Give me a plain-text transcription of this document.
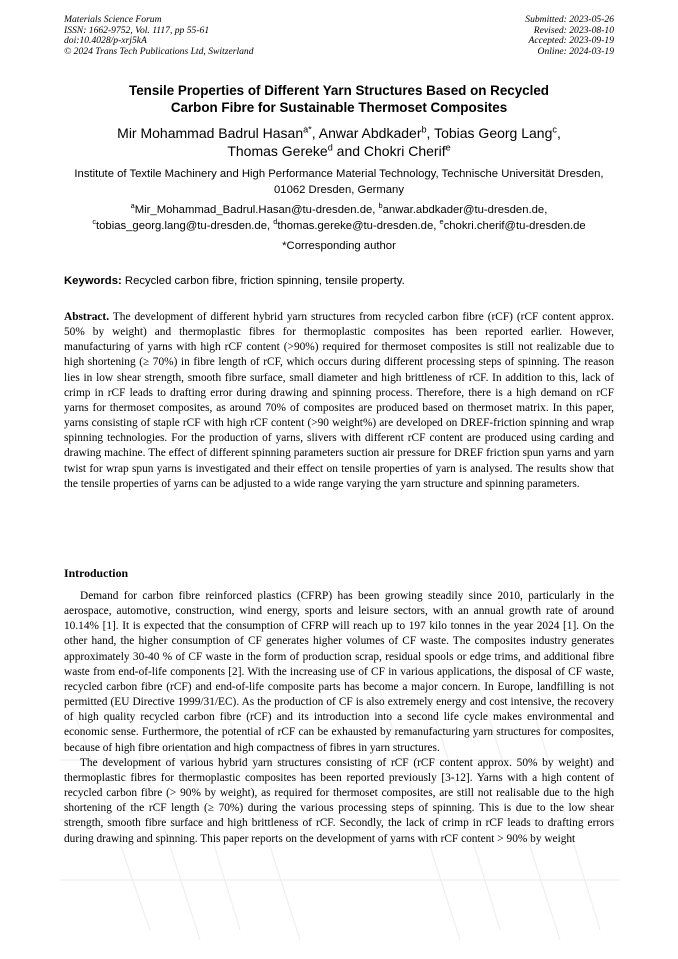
Materials Science Forum
ISSN: 1662-9752, Vol. 1117, pp 55-61
doi:10.4028/p-xrj5kA
© 2024 Trans Tech Publications Ltd, Switzerland
Submitted: 2023-05-26
Revised: 2023-08-10
Accepted: 2023-09-19
Online: 2024-03-19
Tensile Properties of Different Yarn Structures Based on Recycled
Carbon Fibre for Sustainable Thermoset Composites
Mir Mohammad Badrul Hasan$^{a*}$, Anwar Abdkader$^b$, Tobias Georg Lang$^c$,
Thomas Gereke$^d$ and Chokri Cherif$^e$
Institute of Textile Machinery and High Performance Material Technology, Technische Universität Dresden, 01062 Dresden, Germany
$^a$Mir_Mohammad_Badrul.Hasan@tu-dresden.de, $^b$anwar.abdkader@tu-dresden.de,
$^c$tobias_georg.lang@tu-dresden.de, $^d$thomas.gereke@tu-dresden.de, $^e$chokri.cherif@tu-dresden.de
*Corresponding author
Keywords: Recycled carbon fibre, friction spinning, tensile property.
Abstract. The development of different hybrid yarn structures from recycled carbon fibre (rCF) (rCF content approx. 50% by weight) and thermoplastic fibres for thermoplastic composites has been reported earlier. However, manufacturing of yarns with high rCF content (>90%) required for thermoset composites is still not realizable due to high shortening (≥ 70%) in fibre length of rCF, which occurs during different processing steps of spinning. The reason lies in low shear strength, smooth fibre surface, small diameter and high brittleness of rCF. In addition to this, lack of crimp in rCF leads to drafting error during drawing and spinning process. Therefore, there is a high demand on rCF yarns for thermoset composites, as around 70% of composites are produced based on thermoset matrix. In this paper, yarns consisting of staple rCF with high rCF content (>90 weight%) are developed on DREF-friction spinning and wrap spinning technologies. For the production of yarns, slivers with different rCF content are produced using carding and drawing machine. The effect of different spinning parameters suction air pressure for DREF friction spun yarns and yarn twist for wrap spun yarns is investigated and their effect on tensile properties of yarn is analysed. The results show that the tensile properties of yarns can be adjusted to a wide range varying the yarn structure and spinning parameters.
Introduction

Demand for carbon fibre reinforced plastics (CFRP) has been growing steadily since 2010, particularly in the aerospace, automotive, construction, wind energy, sports and leisure sectors, with an annual growth rate of around 10.14% [1]. It is expected that the consumption of CFRP will reach up to 197 kilo tonnes in the year 2024 [1]. On the other hand, the higher consumption of CF generates higher volumes of CF waste. The composites industry generates approximately 30-40 % of CF waste in the form of production scrap, residual spools or edge trims, and additional fibre waste from end-of-life components [2]. With the increasing use of CF in various applications, the disposal of CF waste, recycled carbon fibre (rCF) and end-of-life composite parts has become a major concern. In Europe, landfilling is not permitted (EU Directive 1999/31/EC). As the production of CF is also extremely energy and cost intensive, the recovery of high quality recycled carbon fibre (rCF) and its introduction into a second life cycle makes environmental and economic sense. Furthermore, the potential of rCF can be exhausted by remanufacturing yarn structures for composites, because of high fibre orientation and high compactness of fibres in yarn structures.

The development of various hybrid yarn structures consisting of rCF (rCF content approx. 50% by weight) and thermoplastic fibres for thermoplastic composites has been reported previously [3-12]. Yarns with a high content of recycled carbon fibre (> 90% by weight), as required for thermoset composites, are still not realisable due to the high shortening of the rCF length (≥ 70%) during the various processing steps of spinning. This is due to the low shear strength, smooth fibre surface and high brittleness of rCF. Secondly, the lack of crimp in rCF leads to drafting errors during drawing and spinning. This paper reports on the development of yarns with rCF content > 90% by weight
